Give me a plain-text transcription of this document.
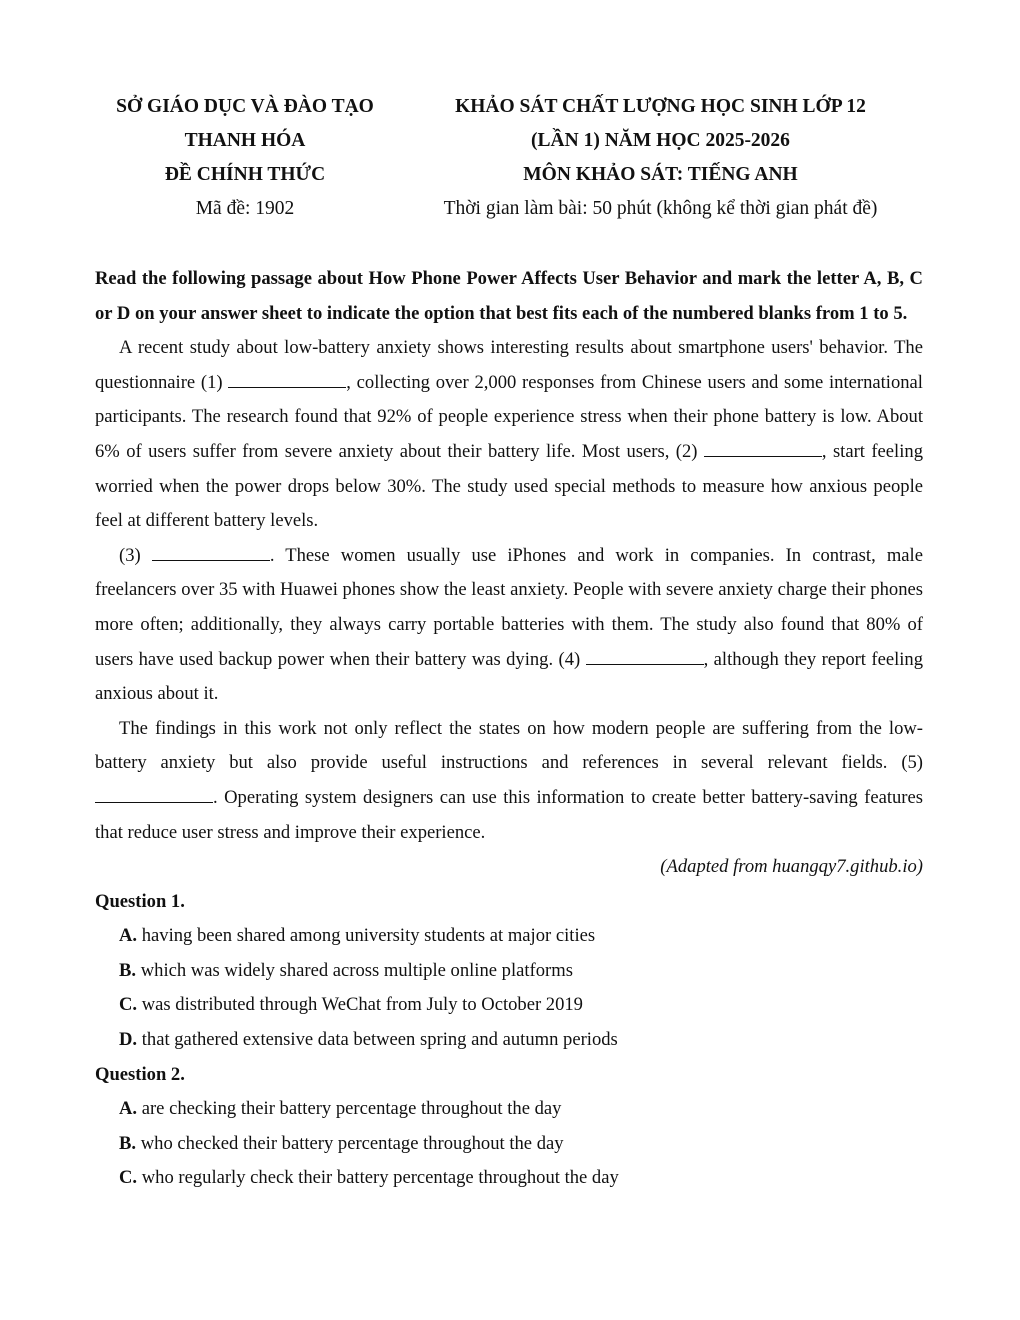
SỞ GIÁO DỤC VÀ ĐÀO TẠO	KHẢO SÁT CHẤT LƯỢNG HỌC SINH LỚP 12
THANH HÓA	(LẦN 1) NĂM HỌC 2025-2026
ĐỀ CHÍNH THỨC	MÔN KHẢO SÁT: TIẾNG ANH
Mã đề: 1902	Thời gian làm bài: 50 phút (không kể thời gian phát đề)

Read the following passage about How Phone Power Affects User Behavior and mark the letter A, B, C or D on your answer sheet to indicate the option that best fits each of the numbered blanks from 1 to 5.

A recent study about low-battery anxiety shows interesting results about smartphone users' behavior. The questionnaire (1)	, collecting over 2,000 responses from Chinese users and some international participants. The research found that 92% of people experience stress when their phone battery is low. About 6% of users suffer from severe anxiety about their battery life. Most users, (2)	, start feeling worried when the power drops below 30%. The study used special methods to measure how anxious people feel at different battery levels.

(3)	. These women usually use iPhones and work in companies. In contrast, male freelancers over 35 with Huawei phones show the least anxiety. People with severe anxiety charge their phones more often; additionally, they always carry portable batteries with them. The study also found that 80% of users have used backup power when their battery was dying. (4)	, although they report feeling anxious about it.

The findings in this work not only reflect the states on how modern people are suffering from the low-battery anxiety but also provide useful instructions and references in several relevant fields. (5) . Operating system designers can use this information to create better battery-saving features that reduce user stress and improve their experience.

(Adapted from huangqy7.github.io)

Question 1.

A. having been shared among university students at major cities

B. which was widely shared across multiple online platforms

C. was distributed through WeChat from July to October 2019

D. that gathered extensive data between spring and autumn periods

Question 2.

A. are checking their battery percentage throughout the day

B. who checked their battery percentage throughout the day

C. who regularly check their battery percentage throughout the day
